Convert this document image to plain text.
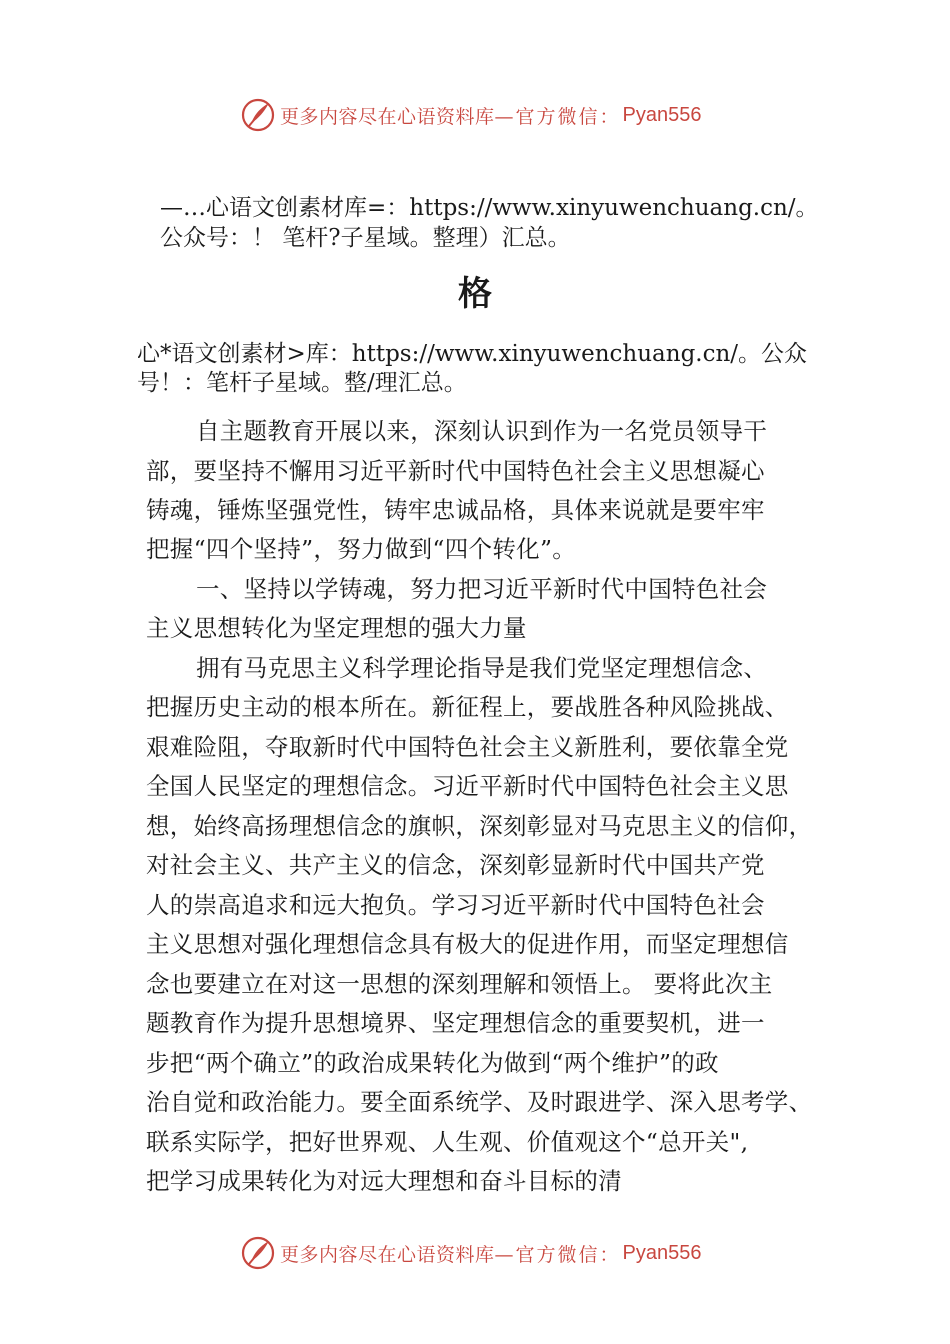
更多内容尽在心语资料库 —官方微信： Pyan556
—…心语文创素材库=：https://www.xinyuwenchuang.cn/。
公众号：！ 笔杆?子星域。整理）汇总。
格
心*语文创素材>库：https://www.xinyuwenchuang.cn/。公众
号！：笔杆子星域。整/理汇总。
自主题教育开展以来，深刻认识到作为一名党员领导干
部，要坚持不懈用习近平新时代中国特色社会主义思想凝心
铸魂，锤炼坚强党性，铸牢忠诚品格，具体来说就是要牢牢
把握“四个坚持”，努力做到“四个转化”。
一、坚持以学铸魂，努力把习近平新时代中国特色社会
主义思想转化为坚定理想的强大力量
拥有马克思主义科学理论指导是我们党坚定理想信念、
把握历史主动的根本所在。新征程上，要战胜各种风险挑战、
艰难险阻，夺取新时代中国特色社会主义新胜利，要依靠全党
全国人民坚定的理想信念。习近平新时代中国特色社会主义思
想，始终高扬理想信念的旗帜，深刻彰显对马克思主义的信仰，
对社会主义、共产主义的信念，深刻彰显新时代中国共产党
人的崇高追求和远大抱负。学习习近平新时代中国特色社会
主义思想对强化理想信念具有极大的促进作用，而坚定理想信
念也要建立在对这一思想的深刻理解和领悟上。 要将此次主
题教育作为提升思想境界、坚定理想信念的重要契机，进一
步把“两个确立”的政治成果转化为做到“两个维护”的政
治自觉和政治能力。要全面系统学、及时跟进学、深入思考学、
联系实际学，把好世界观、人生观、价值观这个“总开关",
把学习成果转化为对远大理想和奋斗目标的清
更多内容尽在心语资料库 —官方微信： Pyan556
